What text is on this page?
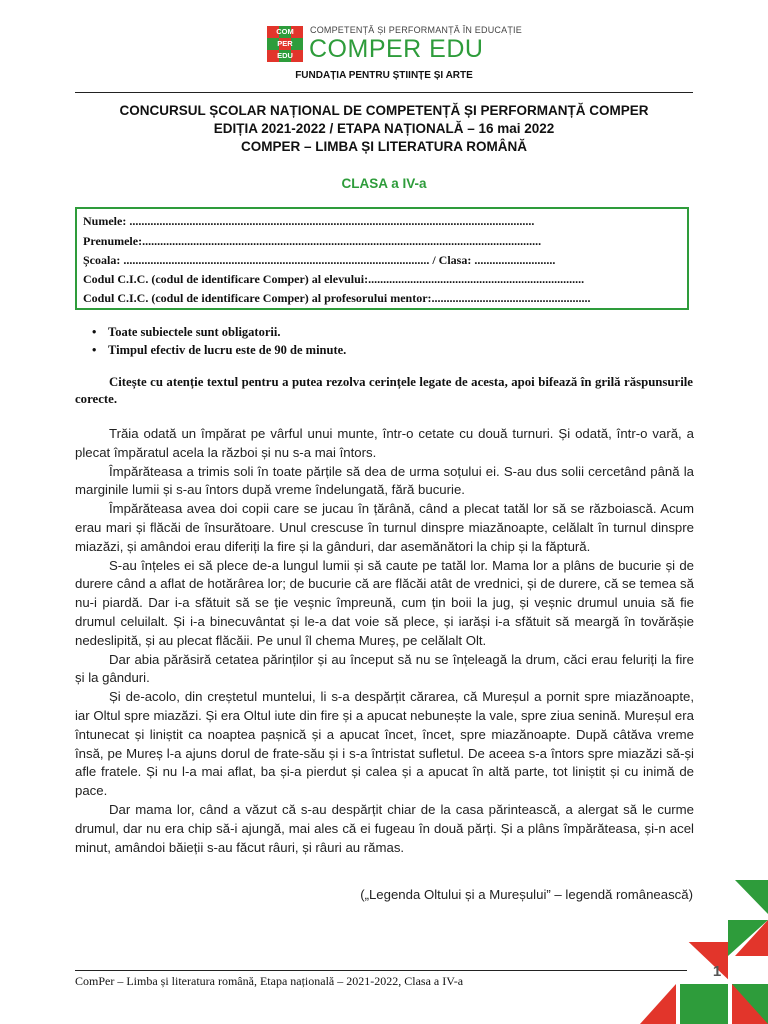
COM
PER
EDU
COMPETENȚĂ ȘI PERFORMANȚĂ ÎN EDUCAȚIE
COMPER EDU
FUNDAȚIA PENTRU ȘTIINȚE ȘI ARTE
CONCURSUL ȘCOLAR NAȚIONAL DE COMPETENȚĂ ȘI PERFORMANȚĂ COMPER
EDIȚIA 2021-2022 / ETAPA NAȚIONALĂ – 16 mai 2022
COMPER – LIMBA ȘI LITERATURA ROMÂNĂ
CLASA a IV-a
Numele: .......................................................................................................................................
Prenumele:.....................................................................................................................................
Școala: ...................................................................................................... / Clasa: ...........................
Codul C.I.C. (codul de identificare Comper) al elevului:........................................................................
Codul C.I.C. (codul de identificare Comper) al profesorului mentor:.....................................................
• Toate subiectele sunt obligatorii.
• Timpul efectiv de lucru este de 90 de minute.
Citește cu atenție textul pentru a putea rezolva cerințele legate de acesta, apoi bifează în grilă răspunsurile corecte.

Trăia odată un împărat pe vârful unui munte, într-o cetate cu două turnuri. Și odată, într-o vară, a plecat împăratul acela la război și nu s-a mai întors.

Împărăteasa a trimis soli în toate părțile să dea de urma soțului ei. S-au dus solii cercetând până la marginile lumii și s-au întors după vreme îndelungată, fără bucurie.

Împărăteasa avea doi copii care se jucau în țărână, când a plecat tatăl lor să se războiască. Acum erau mari și flăcăi de însurătoare. Unul crescuse în turnul dinspre miazănoapte, celălalt în turnul dinspre miazăzi, și amândoi erau diferiți la fire și la gânduri, dar asemănători la chip și la făptură.

S-au înțeles ei să plece de-a lungul lumii și să caute pe tatăl lor. Mama lor a plâns de bucurie și de durere când a aflat de hotărârea lor; de bucurie că are flăcăi atât de vrednici, și de durere, că se temea să nu-i piardă. Dar i-a sfătuit să se ție veșnic împreună, cum țin boii la jug, și veșnic drumul unuia să fie drumul celuilalt. Și i-a binecuvântat și le-a dat voie să plece, și iarăși i-a sfătuit să meargă în tovărășie nedeslipită, și au plecat flăcăii. Pe unul îl chema Mureș, pe celălalt Olt.

Dar abia părăsiră cetatea părinților și au început să nu se înțeleagă la drum, căci erau feluriți la fire și la gânduri.

Și de-acolo, din creștetul muntelui, li s-a despărțit cărarea, că Mureșul a pornit spre miazănoapte, iar Oltul spre miazăzi. Și era Oltul iute din fire și a apucat nebunește la vale, spre ziua senină. Mureșul era întunecat și liniștit ca noaptea pașnică și a apucat încet, încet, spre miazănoapte. După câtăva vreme însă, pe Mureș l-a ajuns dorul de frate-său și i s-a întristat sufletul. De aceea s-a întors spre miazăzi să-și afle fratele. Și nu l-a mai aflat, ba și-a pierdut și calea și a apucat în altă parte, tot liniștit și cu inimă de pace.

Dar mama lor, când a văzut că s-au despărțit chiar de la casa părintească, a alergat să le curme drumul, dar nu era chip să-i ajungă, mai ales că ei fugeau în două părți. Și a plâns împărăteasa, și-n acel minut, amândoi băieții s-au făcut râuri, și râuri au rămas.

(„Legenda Oltului și a Mureșului” – legendă românească)
ComPer – Limba și literatura română, Etapa națională – 2021-2022, Clasa a IV-a
1
